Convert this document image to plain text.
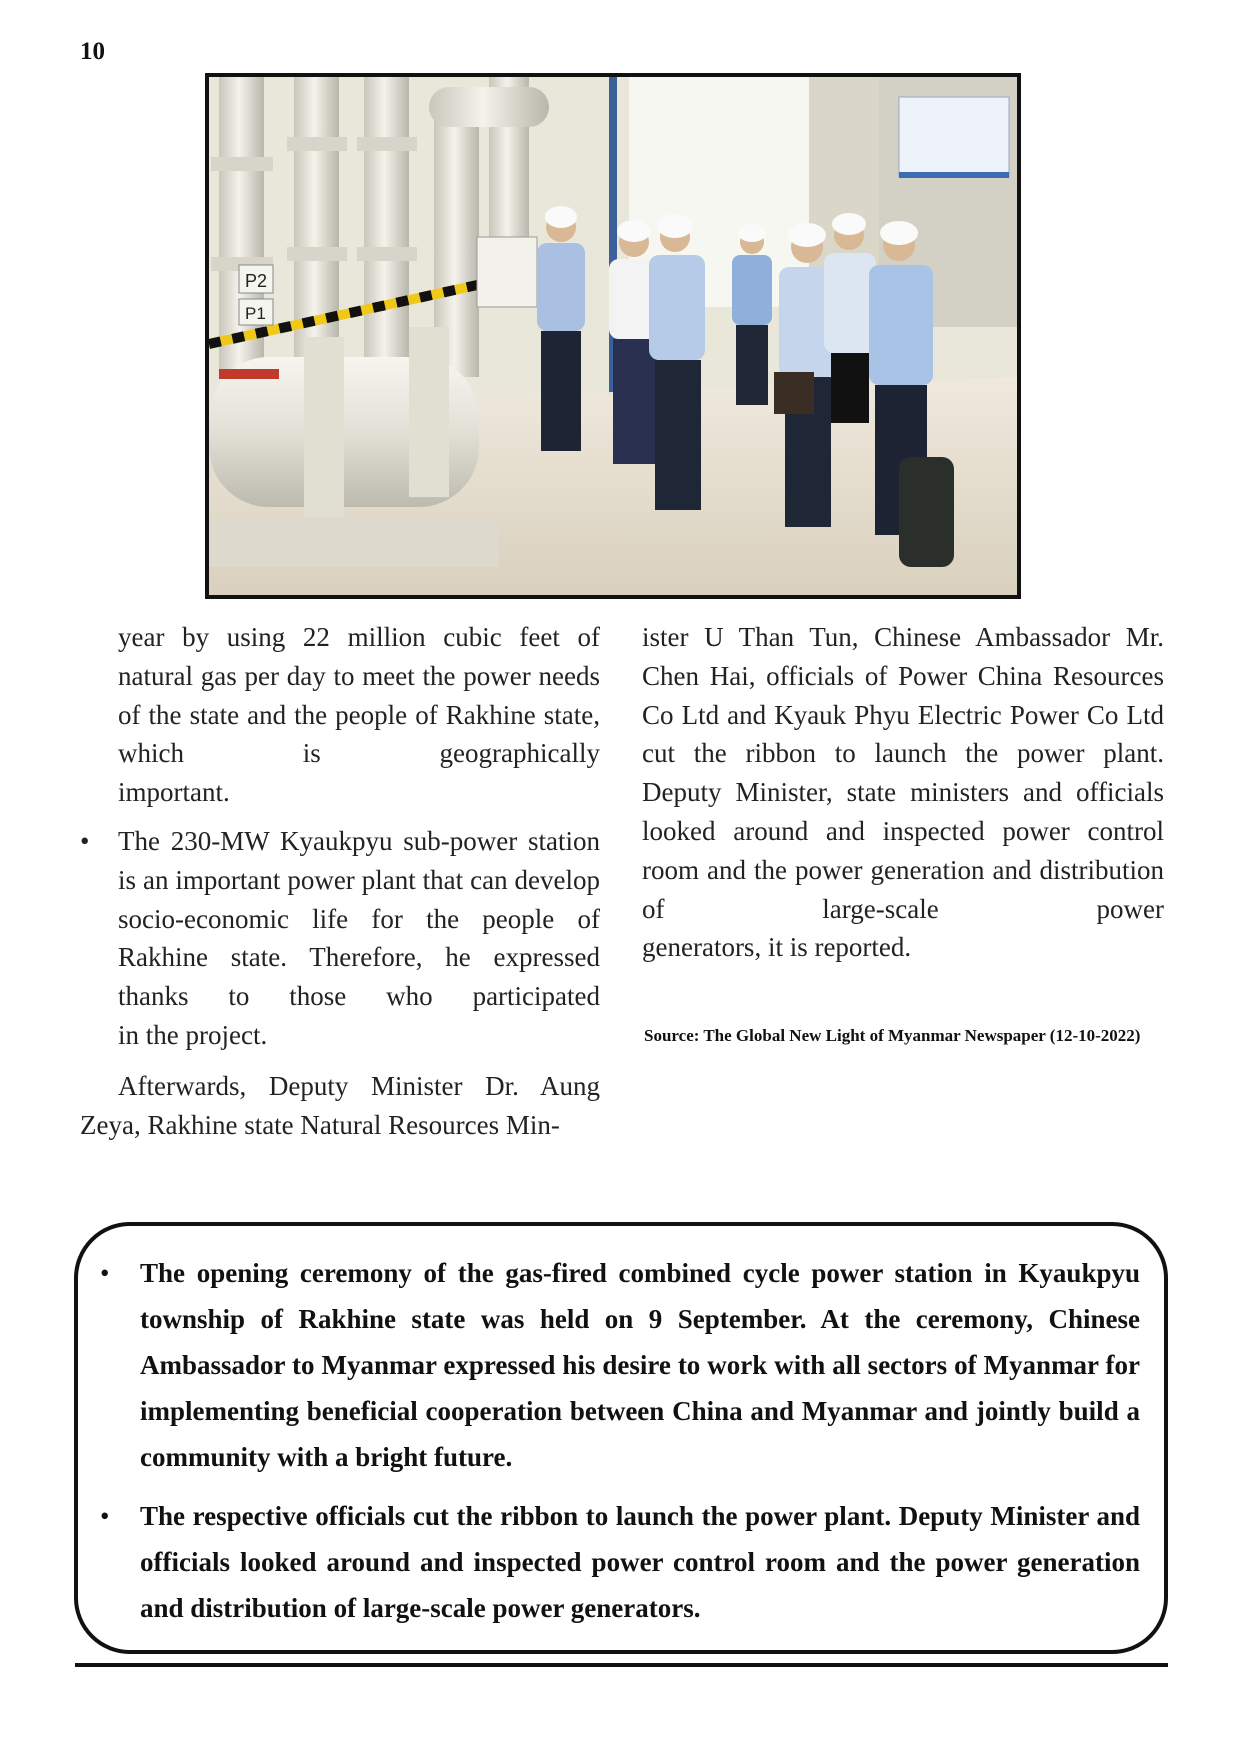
10
P2
P1

year by using 22 million cubic feet of natural gas per day to meet the power needs of the state and the people of Rakhine state, which is geographically

important.

• The 230-MW Kyaukpyu sub-power station is an important power plant that can develop socio-economic life for the people of Rakhine state. Therefore, he expressed thanks to those who participated

in the project.

Afterwards, Deputy Minister Dr. Aung Zeya, Rakhine state Natural Resources Min-

ister U Than Tun, Chinese Ambassador Mr. Chen Hai, officials of Power China Resources Co Ltd and Kyauk Phyu Electric Power Co Ltd cut the ribbon to launch the power plant. Deputy Minister, state ministers and officials looked around and inspected power control room and the power generation and distribution of large-scale power

generators, it is reported.

Source: The Global New Light of Myanmar Newspaper (12-10-2022)
• The opening ceremony of the gas-fired combined cycle power station in Kyaukpyu township of Rakhine state was held on 9 September. At the ceremony, Chinese Ambassador to Myanmar expressed his desire to work with all sectors of Myanmar for implementing beneficial cooperation between China and Myanmar and jointly build a community with a bright future.
• The respective officials cut the ribbon to launch the power plant. Deputy Minister and officials looked around and inspected power control room and the power generation and distribution of large-scale power generators.
